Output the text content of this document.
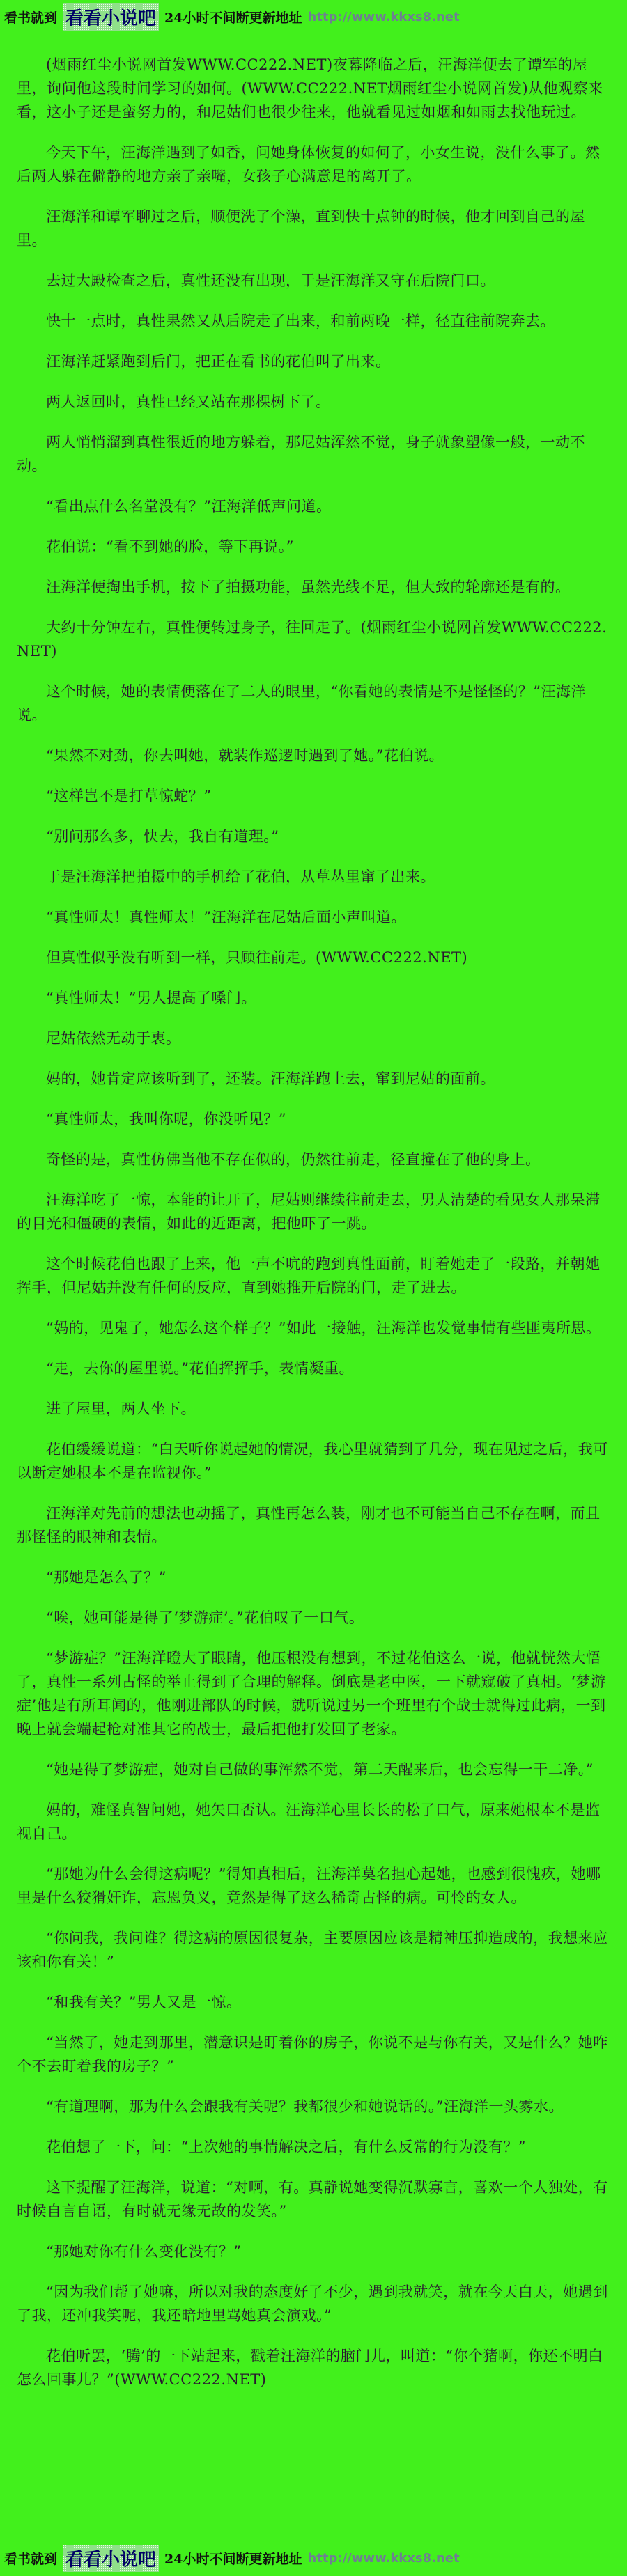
看书就到 看看小说吧 24小时不间断更新地址 http://www.kkxs8.net

(烟雨红尘小说网首发WWW.CC222.NET)夜幕降临之后，汪海洋便去了谭军的屋里，询问他这段时间学习的如何。(WWW.CC222.NET烟雨红尘小说网首发)从他观察来看，这小子还是蛮努力的，和尼姑们也很少往来，他就看见过如烟和如雨去找他玩过。

今天下午，汪海洋遇到了如香，问她身体恢复的如何了，小女生说，没什么事了。然后两人躲在僻静的地方亲了亲嘴，女孩子心满意足的离开了。

汪海洋和谭军聊过之后，顺便洗了个澡，直到快十点钟的时候，他才回到自己的屋里。

去过大殿检查之后，真性还没有出现，于是汪海洋又守在后院门口。

快十一点时，真性果然又从后院走了出来，和前两晚一样，径直往前院奔去。

汪海洋赶紧跑到后门，把正在看书的花伯叫了出来。

两人返回时，真性已经又站在那棵树下了。

两人悄悄溜到真性很近的地方躲着，那尼姑浑然不觉，身子就象塑像一般，一动不动。

“看出点什么名堂没有？”汪海洋低声问道。

花伯说：“看不到她的脸，等下再说。”

汪海洋便掏出手机，按下了拍摄功能，虽然光线不足，但大致的轮廓还是有的。

大约十分钟左右，真性便转过身子，往回走了。(烟雨红尘小说网首发WWW.CC222.NET)

这个时候，她的表情便落在了二人的眼里，“你看她的表情是不是怪怪的？”汪海洋说。

“果然不对劲，你去叫她，就装作巡逻时遇到了她。”花伯说。

“这样岂不是打草惊蛇？”

“别问那么多，快去，我自有道理。”

于是汪海洋把拍摄中的手机给了花伯，从草丛里窜了出来。

“真性师太！真性师太！”汪海洋在尼姑后面小声叫道。

但真性似乎没有听到一样，只顾往前走。(WWW.CC222.NET)

“真性师太！”男人提高了嗓门。

尼姑依然无动于衷。

妈的，她肯定应该听到了，还装。汪海洋跑上去，窜到尼姑的面前。

“真性师太，我叫你呢，你没听见？”

奇怪的是，真性仿佛当他不存在似的，仍然往前走，径直撞在了他的身上。

汪海洋吃了一惊，本能的让开了，尼姑则继续往前走去，男人清楚的看见女人那呆滞的目光和僵硬的表情，如此的近距离，把他吓了一跳。

这个时候花伯也跟了上来，他一声不吭的跑到真性面前，盯着她走了一段路，并朝她挥手，但尼姑并没有任何的反应，直到她推开后院的门，走了进去。

“妈的，见鬼了，她怎么这个样子？”如此一接触，汪海洋也发觉事情有些匪夷所思。

“走，去你的屋里说。”花伯挥挥手，表情凝重。

进了屋里，两人坐下。

花伯缓缓说道：“白天听你说起她的情况，我心里就猜到了几分，现在见过之后，我可以断定她根本不是在监视你。”

汪海洋对先前的想法也动摇了，真性再怎么装，刚才也不可能当自己不存在啊，而且那怪怪的眼神和表情。

“那她是怎么了？”

“唉，她可能是得了‘梦游症’。”花伯叹了一口气。

“梦游症？”汪海洋瞪大了眼睛，他压根没有想到，不过花伯这么一说，他就恍然大悟了，真性一系列古怪的举止得到了合理的解释。倒底是老中医，一下就窥破了真相。‘梦游症’他是有所耳闻的，他刚进部队的时候，就听说过另一个班里有个战士就得过此病，一到晚上就会端起枪对准其它的战士，最后把他打发回了老家。

“她是得了梦游症，她对自己做的事浑然不觉，第二天醒来后，也会忘得一干二净。”

妈的，难怪真智问她，她矢口否认。汪海洋心里长长的松了口气，原来她根本不是监视自己。

“那她为什么会得这病呢？”得知真相后，汪海洋莫名担心起她，也感到很愧疚，她哪里是什么狡猾奸诈，忘恩负义，竟然是得了这么稀奇古怪的病。可怜的女人。

“你问我，我问谁？得这病的原因很复杂，主要原因应该是精神压抑造成的，我想来应该和你有关！”

“和我有关？”男人又是一惊。

“当然了，她走到那里，潜意识是盯着你的房子，你说不是与你有关，又是什么？她咋个不去盯着我的房子？”

“有道理啊，那为什么会跟我有关呢？我都很少和她说话的。”汪海洋一头雾水。

花伯想了一下，问：“上次她的事情解决之后，有什么反常的行为没有？”

这下提醒了汪海洋，说道：“对啊，有。真静说她变得沉默寡言，喜欢一个人独处，有时候自言自语，有时就无缘无故的发笑。”

“那她对你有什么变化没有？”

“因为我们帮了她嘛，所以对我的态度好了不少，遇到我就笑，就在今天白天，她遇到了我，还冲我笑呢，我还暗地里骂她真会演戏。”

花伯听罢，‘腾’的一下站起来，戳着汪海洋的脑门儿，叫道：“你个猪啊，你还不明白怎么回事儿？”(WWW.CC222.NET)

看书就到 看看小说吧 24小时不间断更新地址 http://www.kkxs8.net
